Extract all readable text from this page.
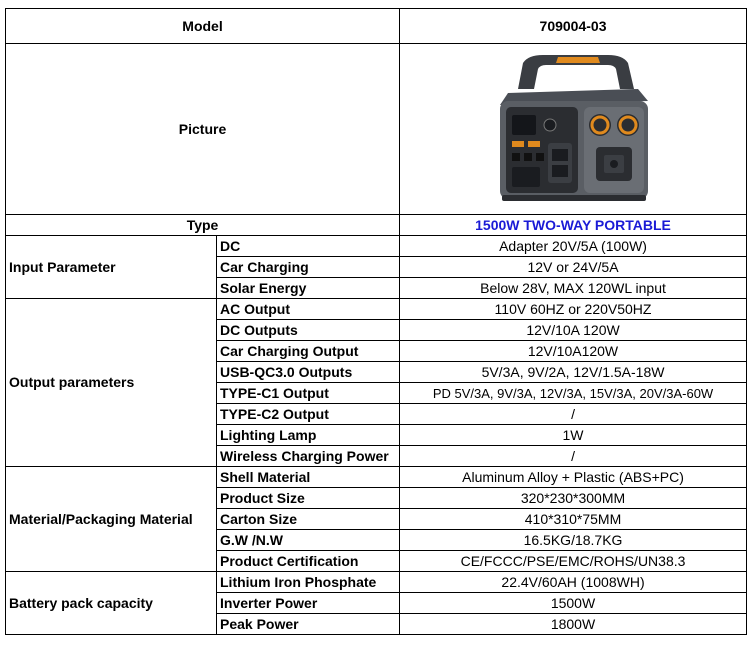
Model		709004-03
Picture	

Type		1500W TWO-WAY PORTABLE
Input Parameter	DC	Adapter 20V/5A (100W)
	Car Charging	12V or 24V/5A
	Solar Energy	Below 28V, MAX 120WL input
Output parameters	AC Output	110V 60HZ or 220V50HZ
	DC Outputs	12V/10A 120W
	Car Charging Output	12V/10A120W
	USB-QC3.0 Outputs	5V/3A, 9V/2A, 12V/1.5A-18W
	TYPE-C1 Output	PD 5V/3A, 9V/3A, 12V/3A, 15V/3A, 20V/3A-60W
	TYPE-C2 Output	/
	Lighting Lamp	1W
	Wireless Charging Power	/
Material/Packaging Material	Shell Material	Aluminum Alloy + Plastic (ABS+PC)
	Product Size	320*230*300MM
	Carton Size	410*310*75MM
	G.W /N.W	16.5KG/18.7KG
	Product Certification	CE/FCCC/PSE/EMC/ROHS/UN38.3
Battery pack capacity	Lithium Iron Phosphate	22.4V/60AH (1008WH)
	Inverter Power	1500W
	Peak Power	1800W
